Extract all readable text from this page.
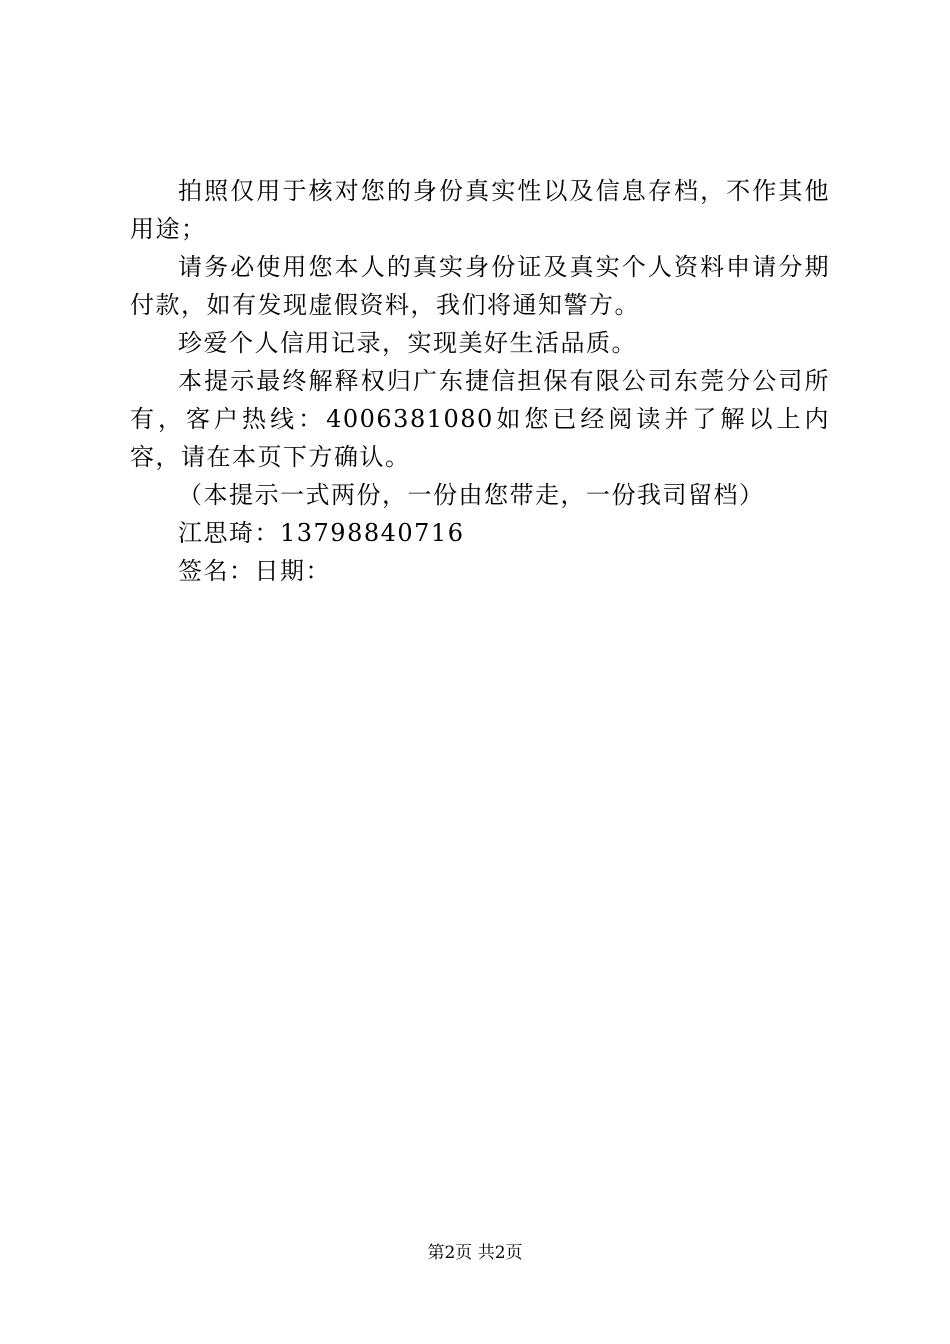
拍照仅用于核对您的身份真实性以及信息存档，不作其他用途；

请务必使用您本人的真实身份证及真实个人资料申请分期付款，如有发现虚假资料，我们将通知警方。

珍爱个人信用记录，实现美好生活品质。

本提示最终解释权归广东捷信担保有限公司东莞分公司所有，客户热线：4006381080如您已经阅读并了解以上内容，请在本页下方确认。

（本提示一式两份，一份由您带走，一份我司留档）

江思琦：13798840716

签名：日期：

第2页 共2页
